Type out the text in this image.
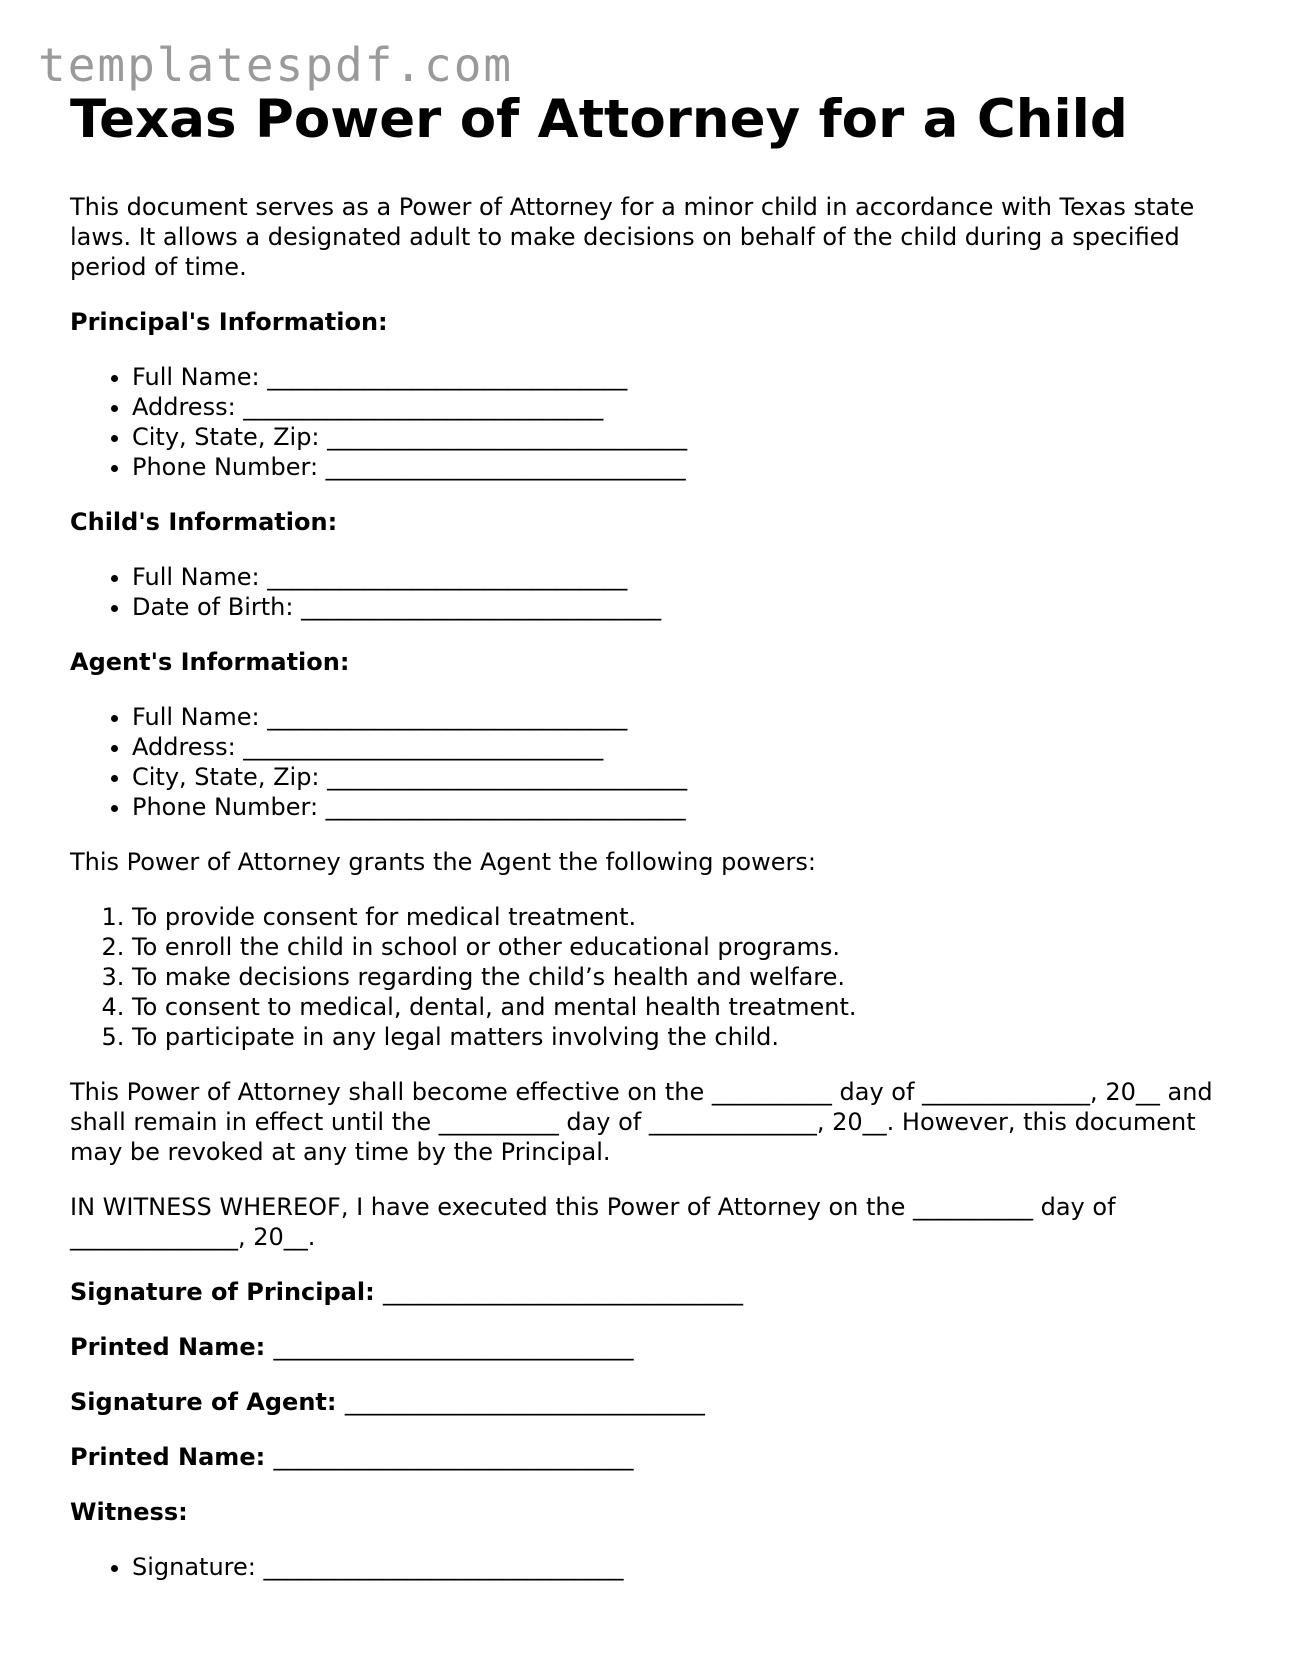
templatespdf.com
Texas Power of Attorney for a Child

This document serves as a Power of Attorney for a minor child in accordance with Texas state laws. It allows a designated adult to make decisions on behalf of the child during a specified period of time.

Principal's Information:

• Full Name: ______________________________
• Address: ______________________________
• City, State, Zip: ______________________________
• Phone Number: ______________________________

Child's Information:

• Full Name: ______________________________
• Date of Birth: ______________________________

Agent's Information:

• Full Name: ______________________________
• Address: ______________________________
• City, State, Zip: ______________________________
• Phone Number: ______________________________

This Power of Attorney grants the Agent the following powers:

1. To provide consent for medical treatment.
2. To enroll the child in school or other educational programs.
3. To make decisions regarding the child’s health and welfare.
4. To consent to medical, dental, and mental health treatment.
5. To participate in any legal matters involving the child.

This Power of Attorney shall become effective on the __________ day of ______________, 20__ and shall remain in effect until the __________ day of ______________, 20__. However, this document may be revoked at any time by the Principal.

IN WITNESS WHEREOF, I have executed this Power of Attorney on the __________ day of ______________, 20__.

Signature of Principal: ______________________________

Printed Name: ______________________________

Signature of Agent: ______________________________

Printed Name: ______________________________

Witness:

• Signature: ______________________________
